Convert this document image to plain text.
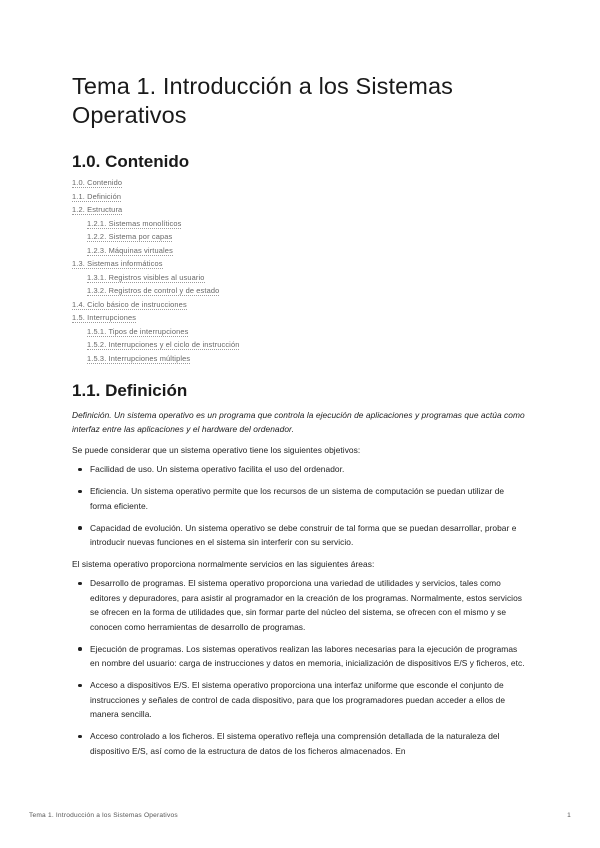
Tema 1. Introducción a los Sistemas Operativos
1.0. Contenido
1.0. Contenido
1.1. Definición
1.2. Estructura
1.2.1. Sistemas monolíticos
1.2.2. Sistema por capas
1.2.3. Máquinas virtuales
1.3. Sistemas informáticos
1.3.1. Registros visibles al usuario
1.3.2. Registros de control y de estado
1.4. Ciclo básico de instrucciones
1.5. Interrupciones
1.5.1. Tipos de interrupciones
1.5.2. Interrupciones y el ciclo de instrucción
1.5.3. Interrupciones múltiples
1.1. Definición

Definición. Un sistema operativo es un programa que controla la ejecución de aplicaciones y programas que actúa como interfaz entre las aplicaciones y el hardware del ordenador.

Se puede considerar que un sistema operativo tiene los siguientes objetivos:

Facilidad de uso. Un sistema operativo facilita el uso del ordenador.
Eficiencia. Un sistema operativo permite que los recursos de un sistema de computación se puedan utilizar de forma eficiente.
Capacidad de evolución. Un sistema operativo se debe construir de tal forma que se puedan desarrollar, probar e introducir nuevas funciones en el sistema sin interferir con su servicio.

El sistema operativo proporciona normalmente servicios en las siguientes áreas:

Desarrollo de programas. El sistema operativo proporciona una variedad de utilidades y servicios, tales como editores y depuradores, para asistir al programador en la creación de los programas. Normalmente, estos servicios se ofrecen en la forma de utilidades que, sin formar parte del núcleo del sistema, se ofrecen con el mismo y se conocen como herramientas de desarrollo de programas.
Ejecución de programas. Los sistemas operativos realizan las labores necesarias para la ejecución de programas en nombre del usuario: carga de instrucciones y datos en memoria, inicialización de dispositivos E/S y ficheros, etc.
Acceso a dispositivos E/S. El sistema operativo proporciona una interfaz uniforme que esconde el conjunto de instrucciones y señales de control de cada dispositivo, para que los programadores puedan acceder a ellos de manera sencilla.
Acceso controlado a los ficheros. El sistema operativo refleja una comprensión detallada de la naturaleza del dispositivo E/S, así como de la estructura de datos de los ficheros almacenados. En
Tema 1. Introducción a los Sistemas Operativos	1
